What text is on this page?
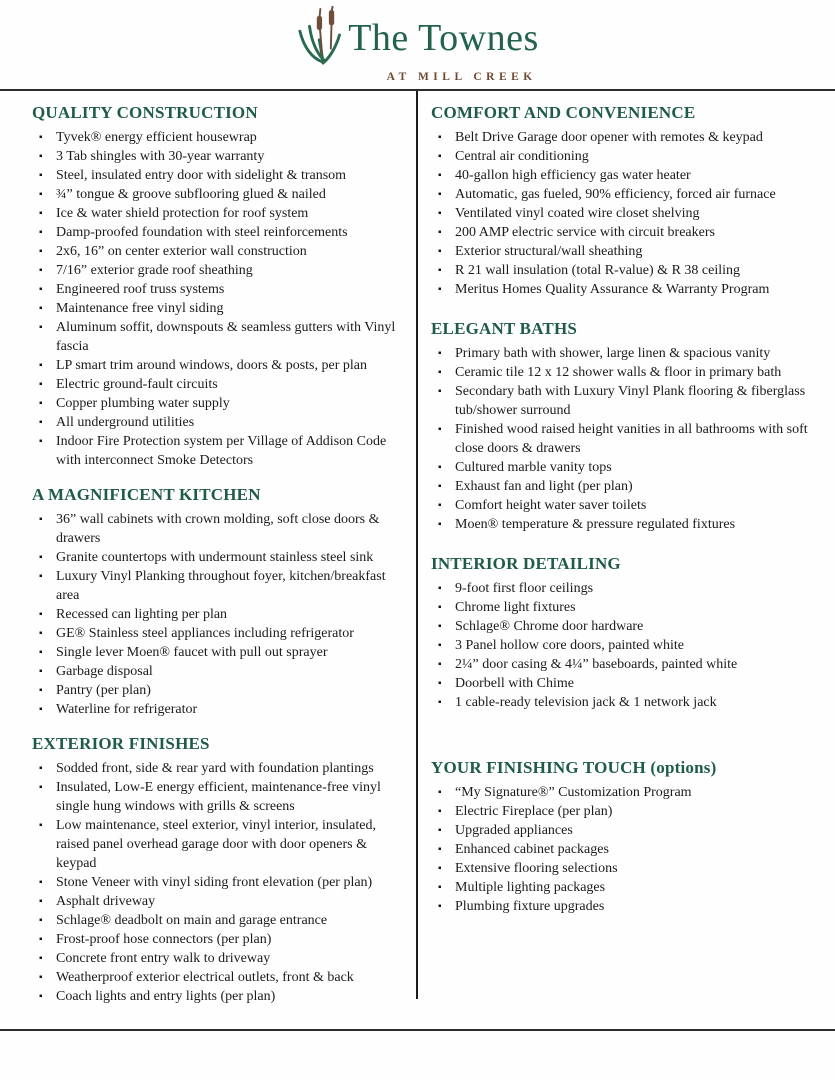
The Townes
AT MILL CREEK
QUALITY CONSTRUCTION
▪ Tyvek® energy efficient housewrap
▪ 3 Tab shingles with 30-year warranty
▪ Steel, insulated entry door with sidelight & transom
▪ ¾” tongue & groove subflooring glued & nailed
▪ Ice & water shield protection for roof system
▪ Damp-proofed foundation with steel reinforcements
▪ 2x6, 16” on center exterior wall construction
▪ 7/16” exterior grade roof sheathing
▪ Engineered roof truss systems
▪ Maintenance free vinyl siding
▪ Aluminum soffit, downspouts & seamless gutters with Vinyl fascia
▪ LP smart trim around windows, doors & posts, per plan
▪ Electric ground-fault circuits
▪ Copper plumbing water supply
▪ All underground utilities
▪ Indoor Fire Protection system per Village of Addison Code with interconnect Smoke Detectors
A MAGNIFICENT KITCHEN
▪ 36” wall cabinets with crown molding, soft close doors & drawers
▪ Granite countertops with undermount stainless steel sink
▪ Luxury Vinyl Planking throughout foyer, kitchen/breakfast area
▪ Recessed can lighting per plan
▪ GE® Stainless steel appliances including refrigerator
▪ Single lever Moen® faucet with pull out sprayer
▪ Garbage disposal
▪ Pantry (per plan)
▪ Waterline for refrigerator
EXTERIOR FINISHES
▪ Sodded front, side & rear yard with foundation plantings
▪ Insulated, Low-E energy efficient, maintenance-free vinyl single hung windows with grills & screens
▪ Low maintenance, steel exterior, vinyl interior, insulated, raised panel overhead garage door with door openers & keypad
▪ Stone Veneer with vinyl siding front elevation (per plan)
▪ Asphalt driveway
▪ Schlage® deadbolt on main and garage entrance
▪ Frost-proof hose connectors (per plan)
▪ Concrete front entry walk to driveway
▪ Weatherproof exterior electrical outlets, front & back
▪ Coach lights and entry lights (per plan)
COMFORT AND CONVENIENCE
▪ Belt Drive Garage door opener with remotes & keypad
▪ Central air conditioning
▪ 40-gallon high efficiency gas water heater
▪ Automatic, gas fueled, 90% efficiency, forced air furnace
▪ Ventilated vinyl coated wire closet shelving
▪ 200 AMP electric service with circuit breakers
▪ Exterior structural/wall sheathing
▪ R 21 wall insulation (total R-value) & R 38 ceiling
▪ Meritus Homes Quality Assurance & Warranty Program
ELEGANT BATHS
▪ Primary bath with shower, large linen & spacious vanity
▪ Ceramic tile 12 x 12 shower walls & floor in primary bath
▪ Secondary bath with Luxury Vinyl Plank flooring & fiberglass tub/shower surround
▪ Finished wood raised height vanities in all bathrooms with soft close doors & drawers
▪ Cultured marble vanity tops
▪ Exhaust fan and light (per plan)
▪ Comfort height water saver toilets
▪ Moen® temperature & pressure regulated fixtures
INTERIOR DETAILING
▪ 9-foot first floor ceilings
▪ Chrome light fixtures
▪ Schlage® Chrome door hardware
▪ 3 Panel hollow core doors, painted white
▪ 2¼” door casing & 4¼” baseboards, painted white
▪ Doorbell with Chime
▪ 1 cable-ready television jack & 1 network jack
YOUR FINISHING TOUCH (options)
▪ “My Signature®” Customization Program
▪ Electric Fireplace (per plan)
▪ Upgraded appliances
▪ Enhanced cabinet packages
▪ Extensive flooring selections
▪ Multiple lighting packages
▪ Plumbing fixture upgrades
